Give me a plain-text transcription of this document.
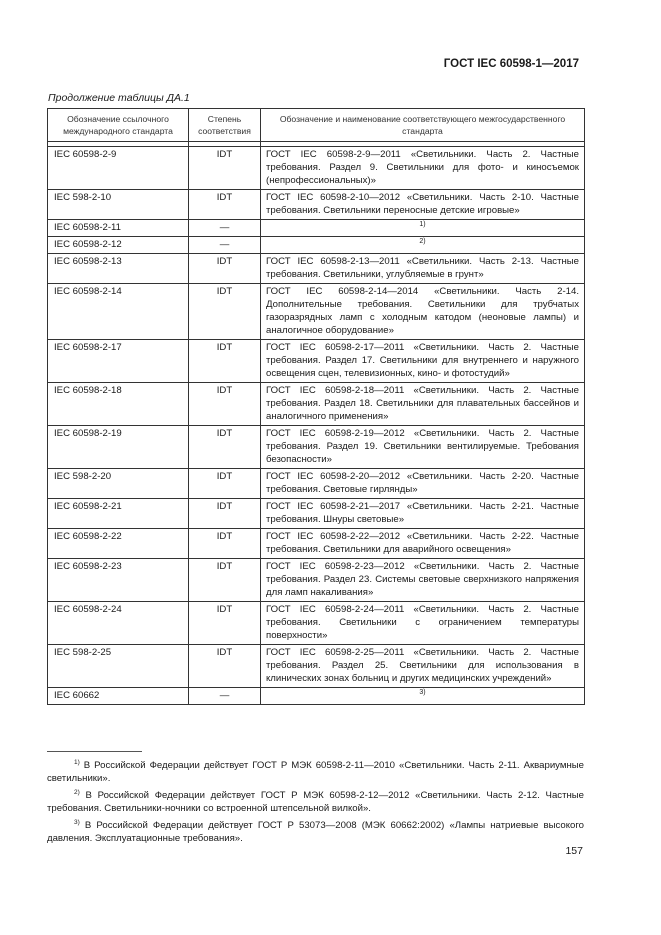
ГОСТ IEC 60598-1—2017
Продолжение таблицы ДА.1
Обозначение ссылочного международного стандарта	Степень соответствия	Обозначение и наименование соответствующего межгосударственного стандарта

IEC 60598-2-9	IDT	ГОСТ IEC 60598-2-9—2011 «Светильники. Часть 2. Частные требования. Раздел 9. Светильники для фото- и киносъемок (непрофессиональных)»
IEC 598-2-10	IDT	ГОСТ IEC 60598-2-10—2012 «Светильники. Часть 2-10. Частные требования. Светильники переносные детские игровые»
IEC 60598-2-11	—	1)
IEC 60598-2-12	—	2)
IEC 60598-2-13	IDT	ГОСТ IEC 60598-2-13—2011 «Светильники. Часть 2-13. Частные требования. Светильники, углубляемые в грунт»
IEC 60598-2-14	IDT	ГОСТ IEC 60598-2-14—2014 «Светильники. Часть 2-14. Дополнительные требования. Светильники для трубчатых газоразрядных ламп с холодным катодом (неоновые лампы) и аналогичное оборудование»
IEC 60598-2-17	IDT	ГОСТ IEC 60598-2-17—2011 «Светильники. Часть 2. Частные требования. Раздел 17. Светильники для внутреннего и наружного освещения сцен, телевизионных, кино- и фотостудий»
IEC 60598-2-18	IDT	ГОСТ IEC 60598-2-18—2011 «Светильники. Часть 2. Частные требования. Раздел 18. Светильники для плавательных бассейнов и аналогичного применения»
IEC 60598-2-19	IDT	ГОСТ IEC 60598-2-19—2012 «Светильники. Часть 2. Частные требования. Раздел 19. Светильники вентилируемые. Требования безопасности»
IEC 598-2-20	IDT	ГОСТ IEC 60598-2-20—2012 «Светильники. Часть 2-20. Частные требования. Световые гирлянды»
IEC 60598-2-21	IDT	ГОСТ IEC 60598-2-21—2017 «Светильники. Часть 2-21. Частные требования. Шнуры световые»
IEC 60598-2-22	IDT	ГОСТ IEC 60598-2-22—2012 «Светильники. Часть 2-22. Частные требования. Светильники для аварийного освещения»
IEC 60598-2-23	IDT	ГОСТ IEC 60598-2-23—2012 «Светильники. Часть 2. Частные требования. Раздел 23. Системы световые сверхнизкого напряжения для ламп накаливания»
IEC 60598-2-24	IDT	ГОСТ IEC 60598-2-24—2011 «Светильники. Часть 2. Частные требования. Светильники с ограничением температуры поверхности»
IEC 598-2-25	IDT	ГОСТ IEC 60598-2-25—2011 «Светильники. Часть 2. Частные требования. Раздел 25. Светильники для использования в клинических зонах больниц и других медицинских учреждений»
IEC 60662	—	3)

$^{1)}$ В Российской Федерации действует ГОСТ Р МЭК 60598-2-11—2010 «Светильники. Часть 2-11. Аквариумные светильники».

$^{2)}$ В Российской Федерации действует ГОСТ Р МЭК 60598-2-12—2012 «Светильники. Часть 2-12. Частные требования. Светильники-ночники со встроенной штепсельной вилкой».

$^{3)}$ В Российской Федерации действует ГОСТ Р 53073—2008 (МЭК 60662:2002) «Лампы натриевые высокого давления. Эксплуатационные требования».

157
